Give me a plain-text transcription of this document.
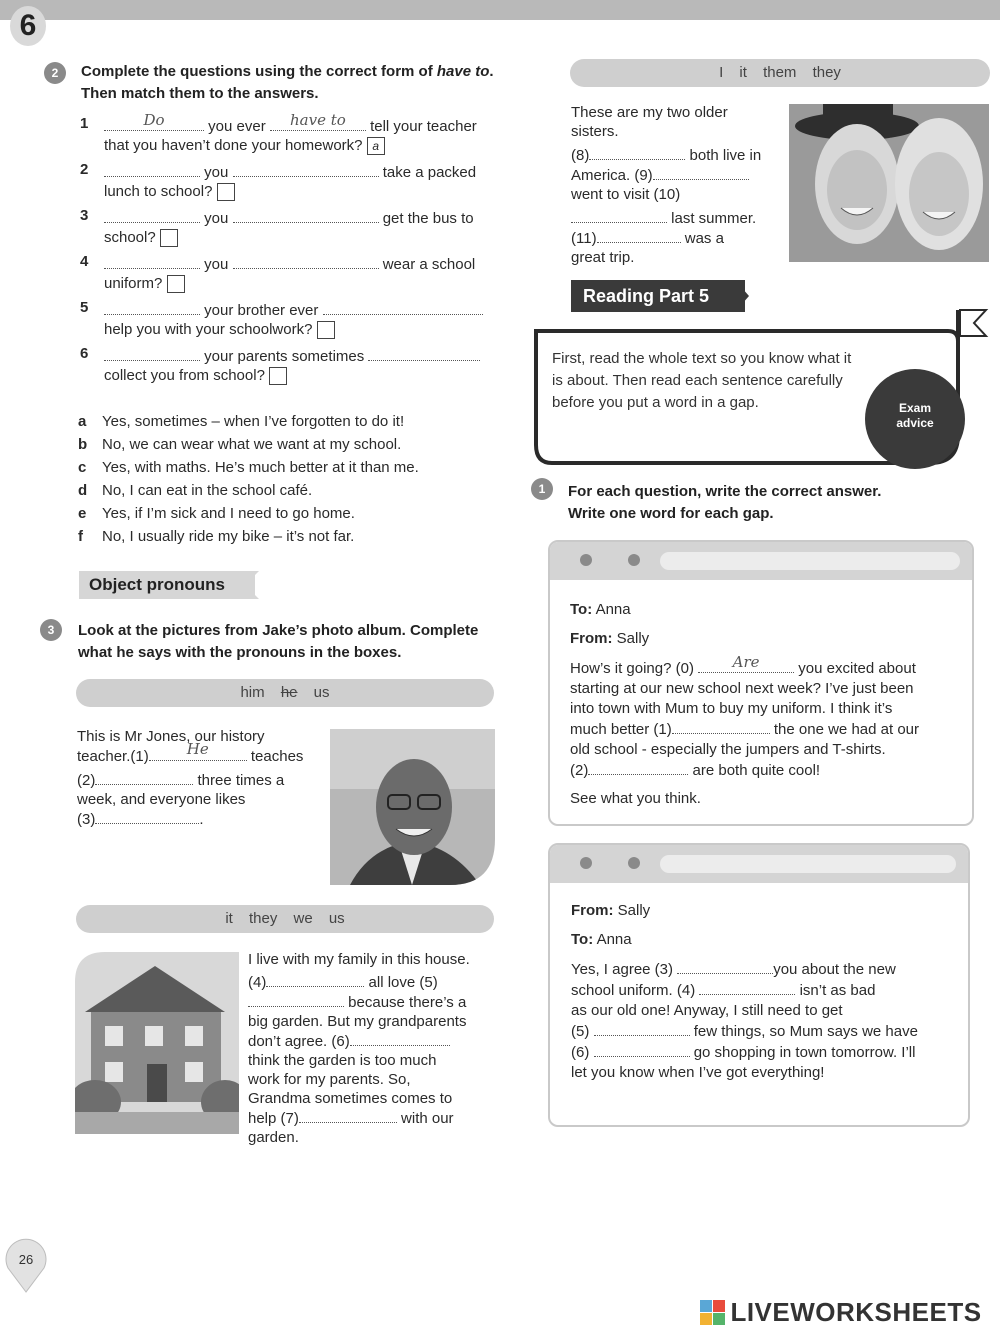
6
2	Complete the questions using the correct form of have to. Then match them to the answers.
1	Do	you ever	have to	tell your teacher
that you haven’t done your homework? a
2	you	take a packed
lunch to school?
3	you	get the bus to
school?
4	you	wear a school
uniform?
5	your brother ever
help you with your schoolwork?
6	your parents sometimes
collect you from school?
a Yes, sometimes – when I’ve forgotten to do it!
b No, we can wear what we want at my school.
c Yes, with maths. He’s much better at it than me.
d No, I can eat in the school café.
e Yes, if I’m sick and I need to go home.
f No, I usually ride my bike – it’s not far.
Object pronouns
3	Look at the pictures from Jake’s photo album. Complete
what he says with the pronouns in the boxes.
him he us
This is Mr Jones, our history
teacher.(1)	He	teaches
(2)	three times a
week, and everyone likes
(3)	.
it they we us
I live with my family in this house.
(4)	all love (5)
because there’s a
big garden. But my grandparents
don’t agree. (6)
think the garden is too much
work for my parents. So,
Grandma sometimes comes to
help (7)	with our
garden.
I it them they
These are my two older
sisters.
(8)	both live in
America. (9)
went to visit (10)
last summer.
(11)	was a
great trip.
Reading Part 5
First, read the whole text so you know what it is about. Then read each sentence carefully before you put a word in a gap.	Exam
advice
1	For each question, write the correct answer.
Write one word for each gap.
To: Anna
From: Sally
How’s it going? (0)	Are	you excited about
starting at our new school next week? I’ve just been
into town with Mum to buy my uniform. I think it’s
much better (1)	the one we had at our
old school - especially the jumpers and T-shirts.
(2)	are both quite cool!
See what you think.
From: Sally
To: Anna
Yes, I agree (3)	you about the new
school uniform. (4)	isn’t as bad
as our old one! Anyway, I still need to get
(5)	few things, so Mum says we have
(6)	go shopping in town tomorrow. I’ll
let you know when I’ve got everything!
26
LIVEWORKSHEETS
